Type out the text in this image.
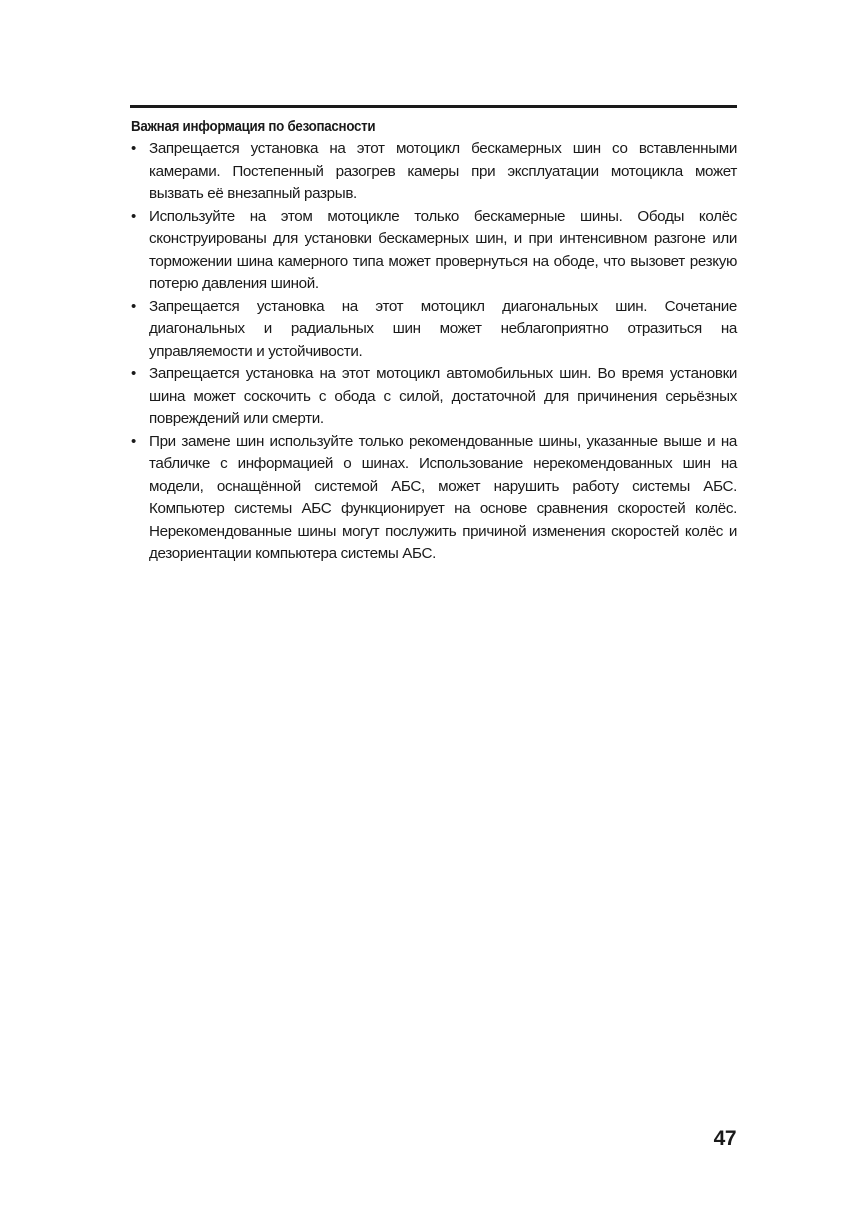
Важная информация по безопасности
• Запрещается установка на этот мотоцикл бескамерных шин со вставленными камерами. Постепенный разогрев камеры при эксплуатации мотоцикла может вызвать её внезапный разрыв.
• Используйте на этом мотоцикле только бескамерные шины. Ободы колёс сконструированы для установки бескамерных шин, и при интенсивном разгоне или торможении шина камерного типа может провернуться на ободе, что вызовет резкую потерю давления шиной.
• Запрещается установка на этот мотоцикл диагональных шин. Сочетание диагональных и радиальных шин может неблагоприятно отразиться на управляемости и устойчивости.
• Запрещается установка на этот мотоцикл автомобильных шин. Во время установки шина может соскочить с обода с силой, достаточной для причинения серьёзных повреждений или смерти.
• При замене шин используйте только рекомендованные шины, указанные выше и на табличке с информацией о шинах. Использование нерекомендованных шин на модели, оснащённой системой АБС, может нарушить работу системы АБС. Компьютер системы АБС функционирует на основе сравнения скоростей колёс. Нерекомендованные шины могут послужить причиной изменения скоростей колёс и дезориентации компьютера системы АБС.
47
